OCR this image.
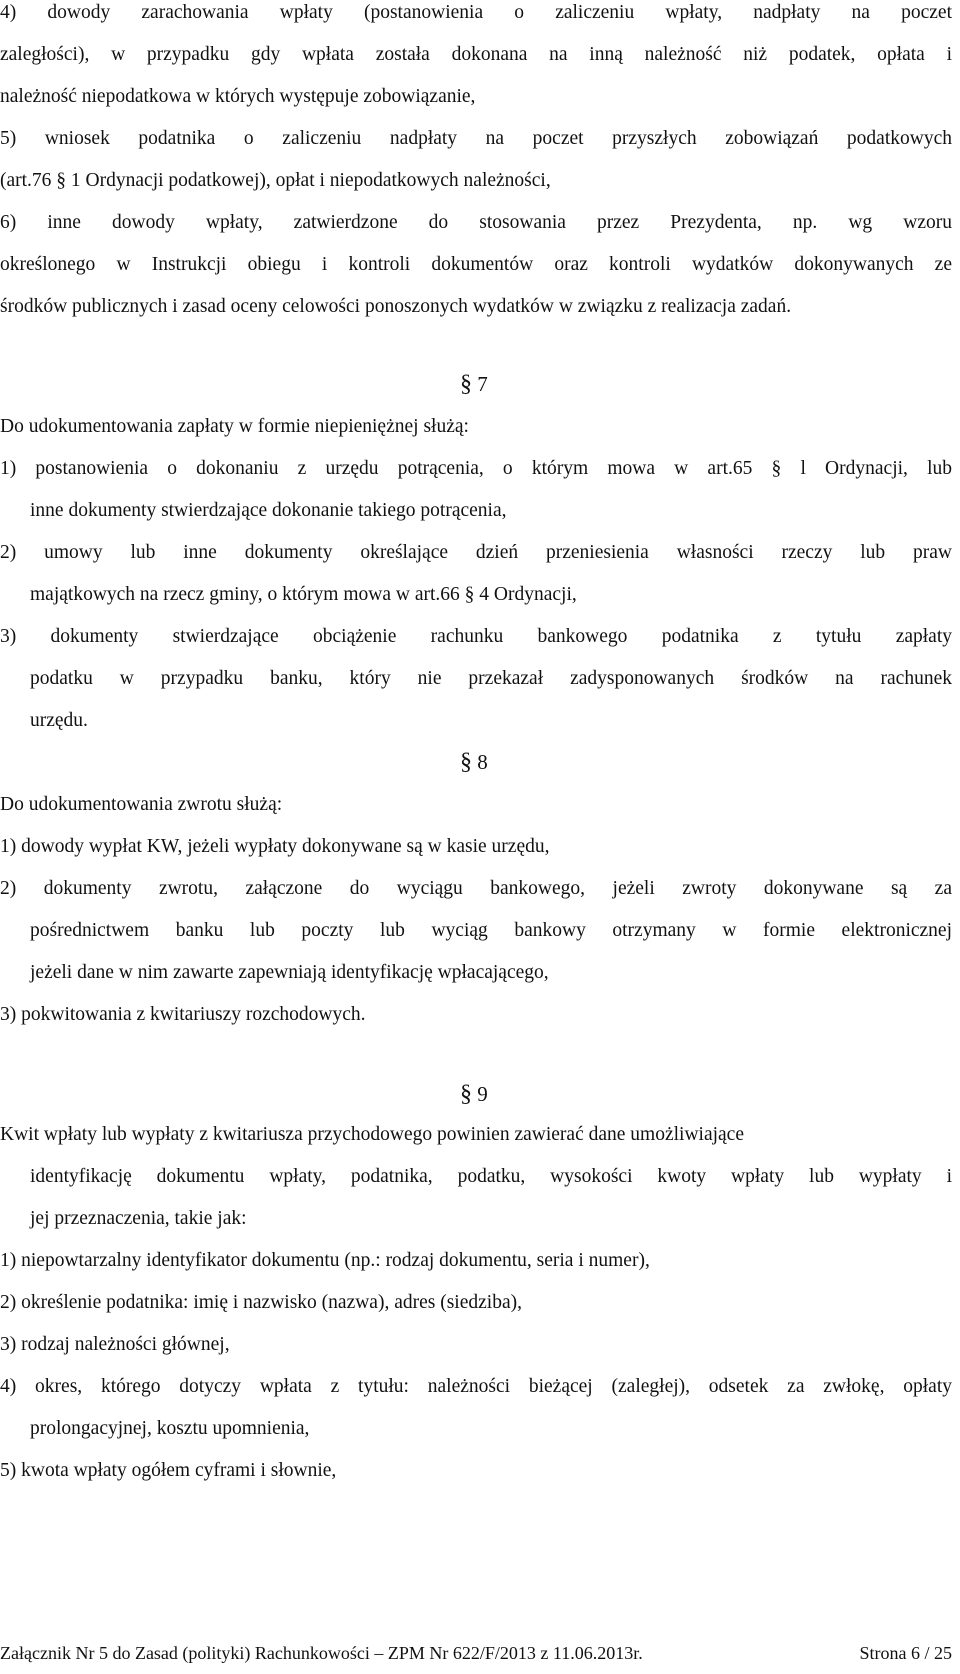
4) dowody zarachowania wpłaty (postanowienia o zaliczeniu wpłaty, nadpłaty na poczet

zaległości), w przypadku gdy wpłata została dokonana na inną należność niż podatek, opłata i

należność niepodatkowa w których występuje zobowiązanie,

5) wniosek podatnika o zaliczeniu nadpłaty na poczet przyszłych zobowiązań podatkowych

(art.76 § 1 Ordynacji podatkowej), opłat i niepodatkowych należności,

6) inne dowody wpłaty, zatwierdzone do stosowania przez Prezydenta, np. wg wzoru

określonego w Instrukcji obiegu i kontroli dokumentów oraz kontroli wydatków dokonywanych ze

środków publicznych i zasad oceny celowości ponoszonych wydatków w związku z realizacja zadań.

§ 7

Do udokumentowania zapłaty w formie niepieniężnej służą:

1) postanowienia o dokonaniu z urzędu potrącenia, o którym mowa w art.65 § l Ordynacji, lub

inne dokumenty stwierdzające dokonanie takiego potrącenia,

2) umowy lub inne dokumenty określające dzień przeniesienia własności rzeczy lub praw

majątkowych na rzecz gminy, o którym mowa w art.66 § 4 Ordynacji,

3) dokumenty stwierdzające obciążenie rachunku bankowego podatnika z tytułu zapłaty

podatku w przypadku banku, który nie przekazał zadysponowanych środków na rachunek

urzędu.

§ 8

Do udokumentowania zwrotu służą:

1) dowody wypłat KW, jeżeli wypłaty dokonywane są w kasie urzędu,

2) dokumenty zwrotu, załączone do wyciągu bankowego, jeżeli zwroty dokonywane są za

pośrednictwem banku lub poczty lub wyciąg bankowy otrzymany w formie elektronicznej

jeżeli dane w nim zawarte zapewniają identyfikację wpłacającego,

3) pokwitowania z kwitariuszy rozchodowych.

§ 9

Kwit wpłaty lub wypłaty z kwitariusza przychodowego powinien zawierać dane umożliwiające

identyfikację dokumentu wpłaty, podatnika, podatku, wysokości kwoty wpłaty lub wypłaty i

jej przeznaczenia, takie jak:

1) niepowtarzalny identyfikator dokumentu (np.: rodzaj dokumentu, seria i numer),

2) określenie podatnika: imię i nazwisko (nazwa), adres (siedziba),

3) rodzaj należności głównej,

4) okres, którego dotyczy wpłata z tytułu: należności bieżącej (zaległej), odsetek za zwłokę, opłaty

prolongacyjnej, kosztu upomnienia,

5) kwota wpłaty ogółem cyframi i słownie,

Załącznik Nr 5 do Zasad (polityki) Rachunkowości – ZPM Nr 622/F/2013 z 11.06.2013r.	Strona 6 / 25
